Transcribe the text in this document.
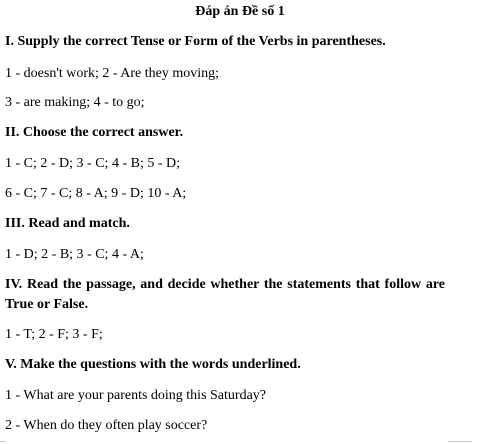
Đáp án Đề số 1
I. Supply the correct Tense or Form of the Verbs in parentheses.
1 - doesn't work; 2 - Are they moving;
3 - are making; 4 - to go;
II. Choose the correct answer.
1 - C; 2 - D; 3 - C; 4 - B; 5 - D;
6 - C; 7 - C; 8 - A; 9 - D; 10 - A;
III. Read and match.
1 - D; 2 - B; 3 - C; 4 - A;
IV. Read the passage, and decide whether the statements that follow are True or False.
1 - T; 2 - F; 3 - F;
V. Make the questions with the words underlined.
1 - What are your parents doing this Saturday?
2 - When do they often play soccer?
